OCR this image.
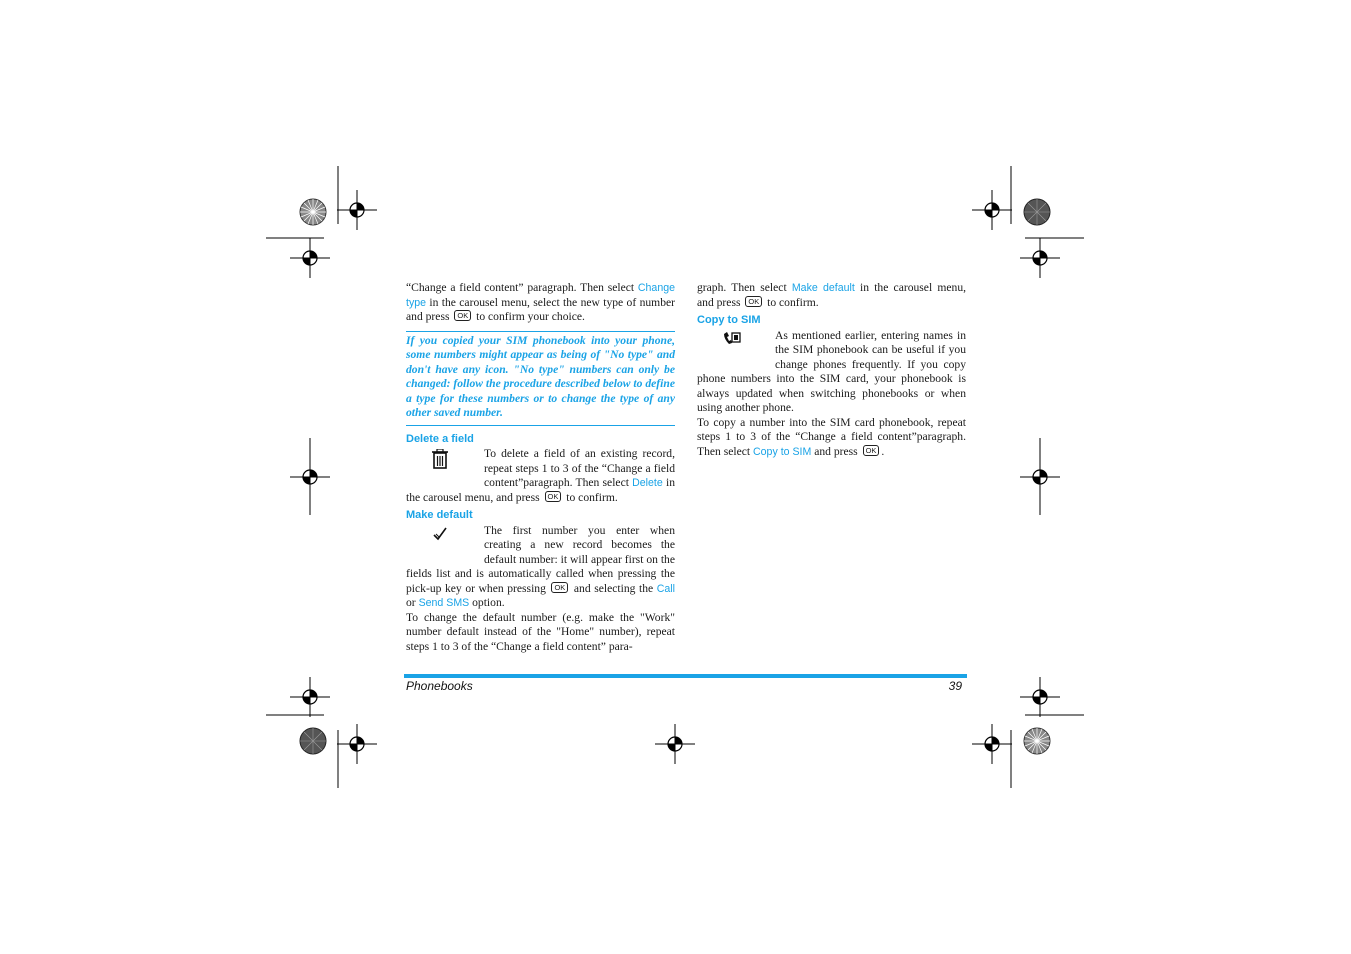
“Change a field content” paragraph. Then select Change type in the carousel menu, select the new type of number and press OK to confirm your choice.

If you copied your SIM phonebook into your phone, some numbers might appear as being of "No type" and don't have any icon. "No type" numbers can only be changed: follow the procedure described below to define a type for these numbers or to change the type of any other saved number.

Delete a field

To delete a field of an existing record, repeat steps 1 to 3 of the “Change a field content”paragraph. Then select Delete in the carousel menu, and press OK to confirm.

Make default

The first number you enter when creating a new record becomes the default number: it will appear first on the fields list and is automatically called when pressing the pick-up key or when pressing OK and selecting the Call or Send SMS option.

To change the default number (e.g. make the "Work" number default instead of the "Home" number), repeat steps 1 to 3 of the “Change a field content” para-

graph. Then select Make default in the carousel menu, and press OK to confirm.

Copy to SIM

As mentioned earlier, entering names in the SIM phonebook can be useful if you change phones frequently. If you copy phone numbers into the SIM card, your phonebook is always updated when switching phonebooks or when using another phone.

To copy a number into the SIM card phonebook, repeat steps 1 to 3 of the “Change a field content”paragraph. Then select Copy to SIM and press OK .

Phonebooks	39
